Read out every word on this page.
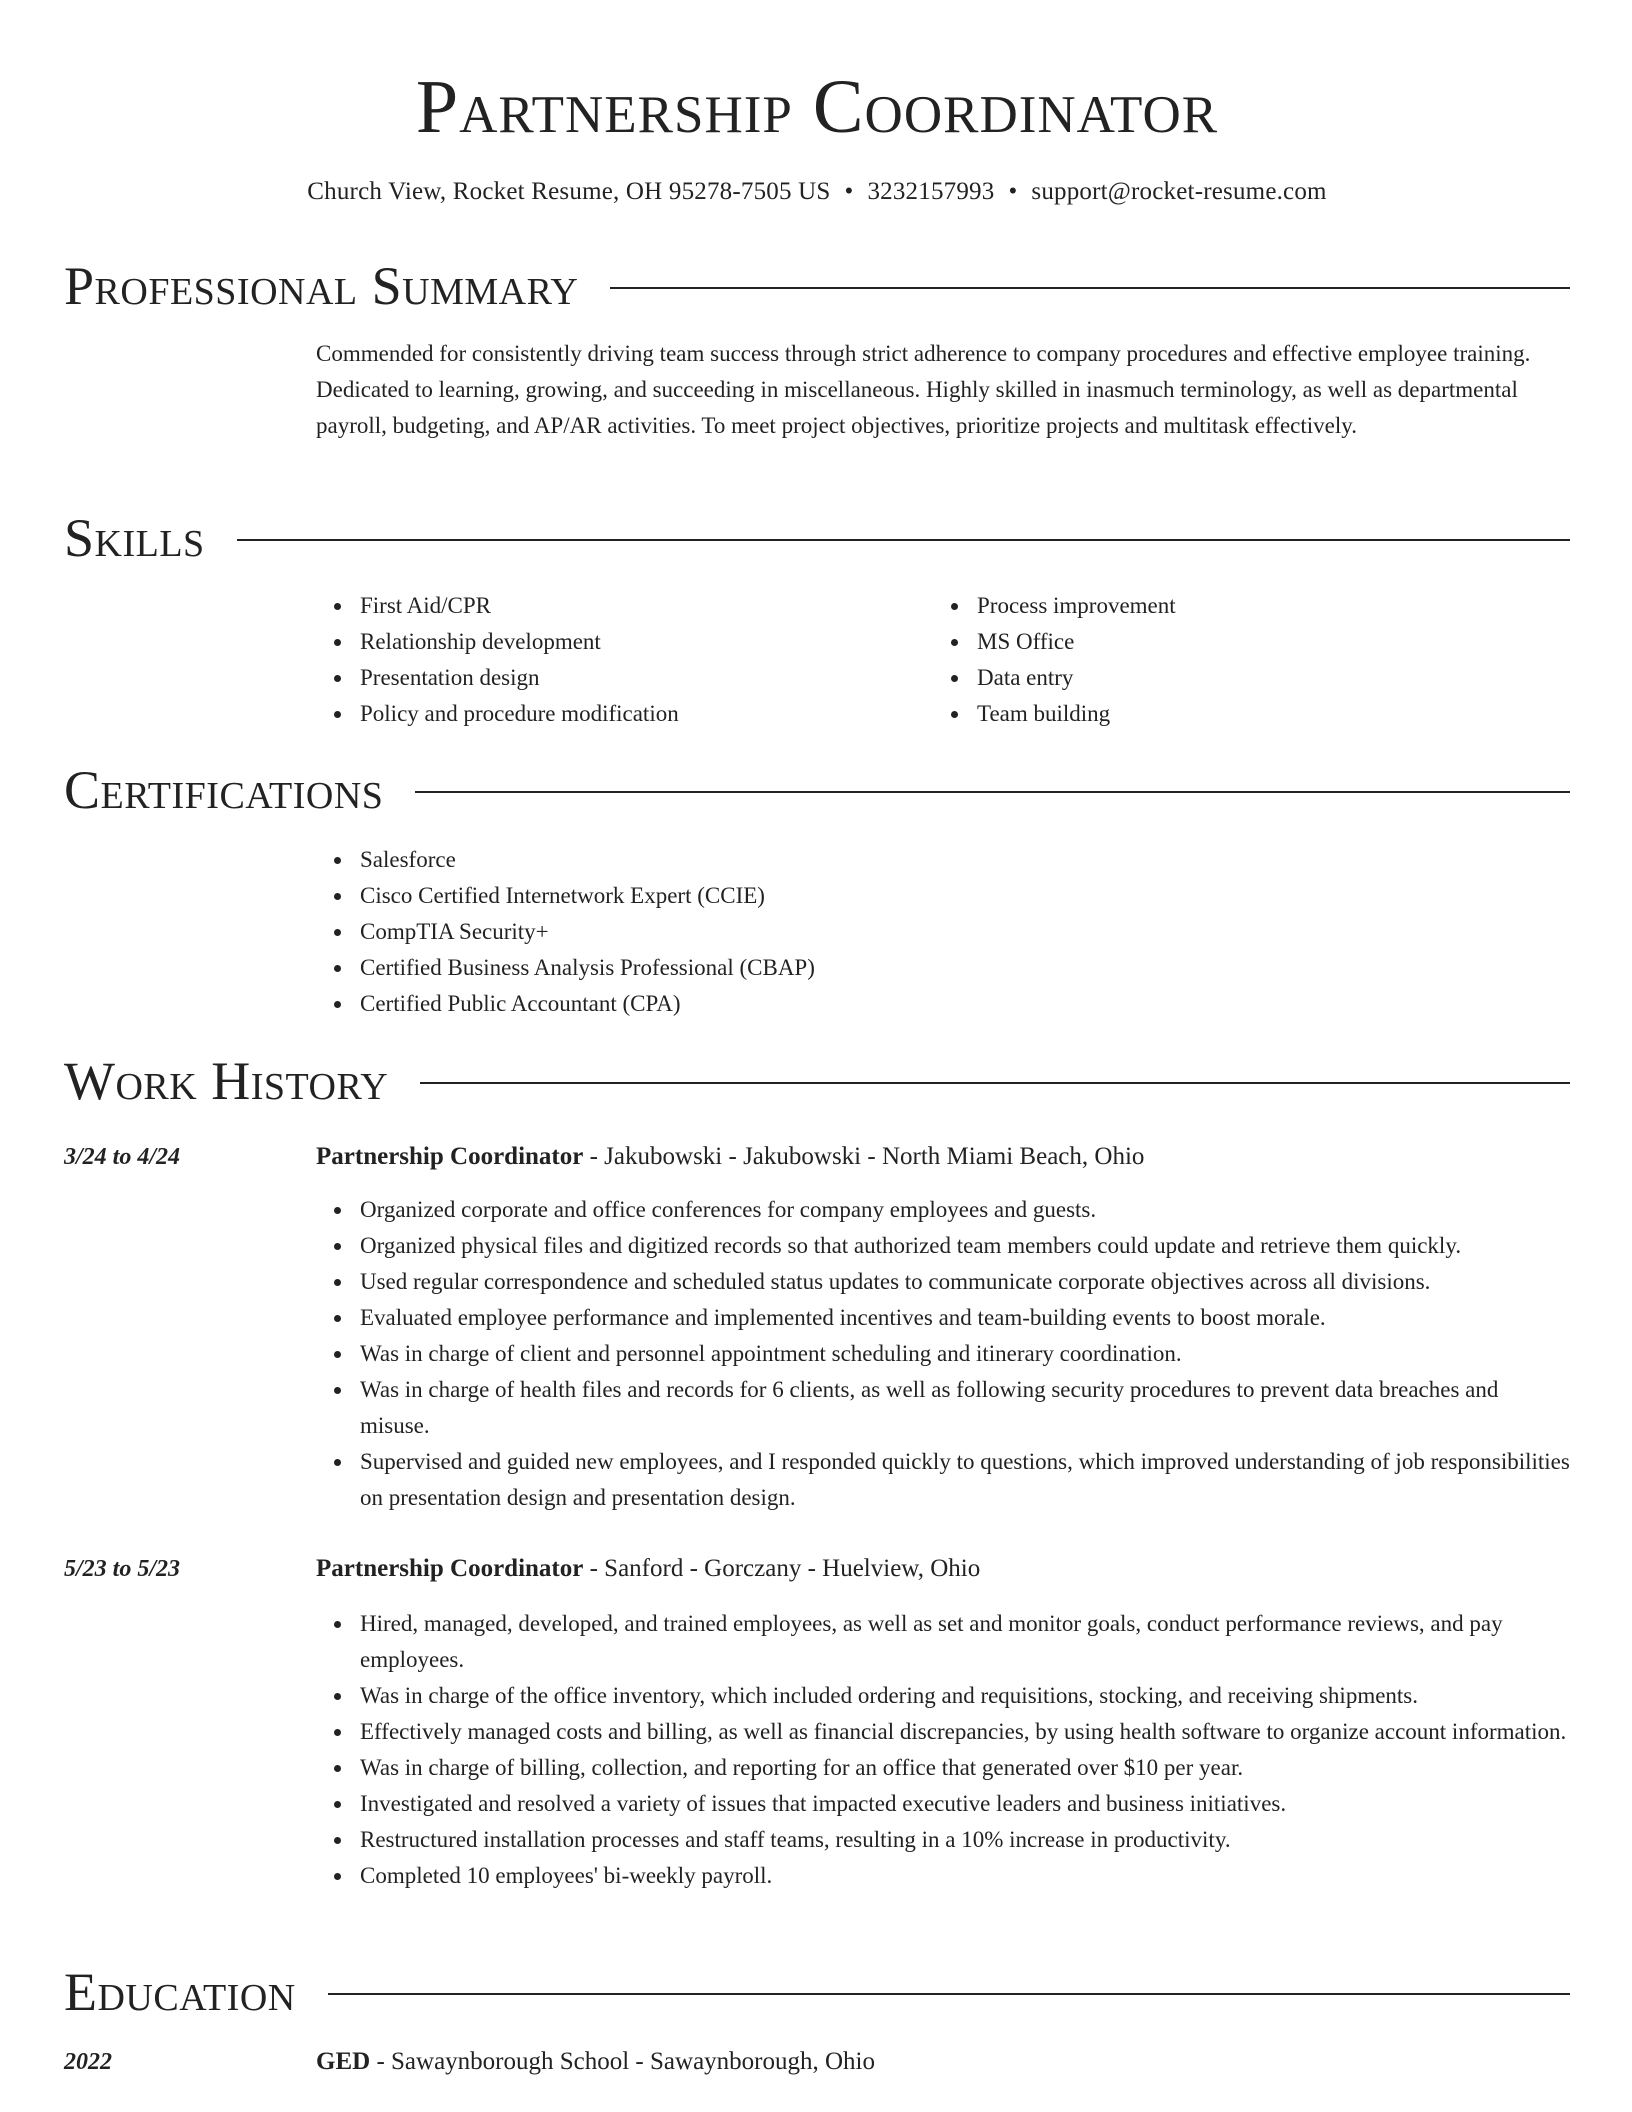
Partnership Coordinator
Church View, Rocket Resume, OH 95278-7505 US • 3232157993 • support@rocket-resume.com
Professional Summary
Commended for consistently driving team success through strict adherence to company procedures and effective employee training. Dedicated to learning, growing, and succeeding in miscellaneous. Highly skilled in inasmuch terminology, as well as departmental payroll, budgeting, and AP/AR activities. To meet project objectives, prioritize projects and multitask effectively.
Skills
First Aid/CPR
Relationship development
Presentation design
Policy and procedure modification
Process improvement
MS Office
Data entry
Team building
Certifications
Salesforce
Cisco Certified Internetwork Expert (CCIE)
CompTIA Security+
Certified Business Analysis Professional (CBAP)
Certified Public Accountant (CPA)
Work History
3/24 to 4/24	Partnership Coordinator - Jakubowski - Jakubowski - North Miami Beach, Ohio
Organized corporate and office conferences for company employees and guests.
Organized physical files and digitized records so that authorized team members could update and retrieve them quickly.
Used regular correspondence and scheduled status updates to communicate corporate objectives across all divisions.
Evaluated employee performance and implemented incentives and team-building events to boost morale.
Was in charge of client and personnel appointment scheduling and itinerary coordination.
Was in charge of health files and records for 6 clients, as well as following security procedures to prevent data breaches and misuse.
Supervised and guided new employees, and I responded quickly to questions, which improved understanding of job responsibilities on presentation design and presentation design.
5/23 to 5/23	Partnership Coordinator - Sanford - Gorczany - Huelview, Ohio
Hired, managed, developed, and trained employees, as well as set and monitor goals, conduct performance reviews, and pay employees.
Was in charge of the office inventory, which included ordering and requisitions, stocking, and receiving shipments.
Effectively managed costs and billing, as well as financial discrepancies, by using health software to organize account information.
Was in charge of billing, collection, and reporting for an office that generated over $10 per year.
Investigated and resolved a variety of issues that impacted executive leaders and business initiatives.
Restructured installation processes and staff teams, resulting in a 10% increase in productivity.
Completed 10 employees' bi-weekly payroll.
Education
2022	GED - Sawaynborough School - Sawaynborough, Ohio
